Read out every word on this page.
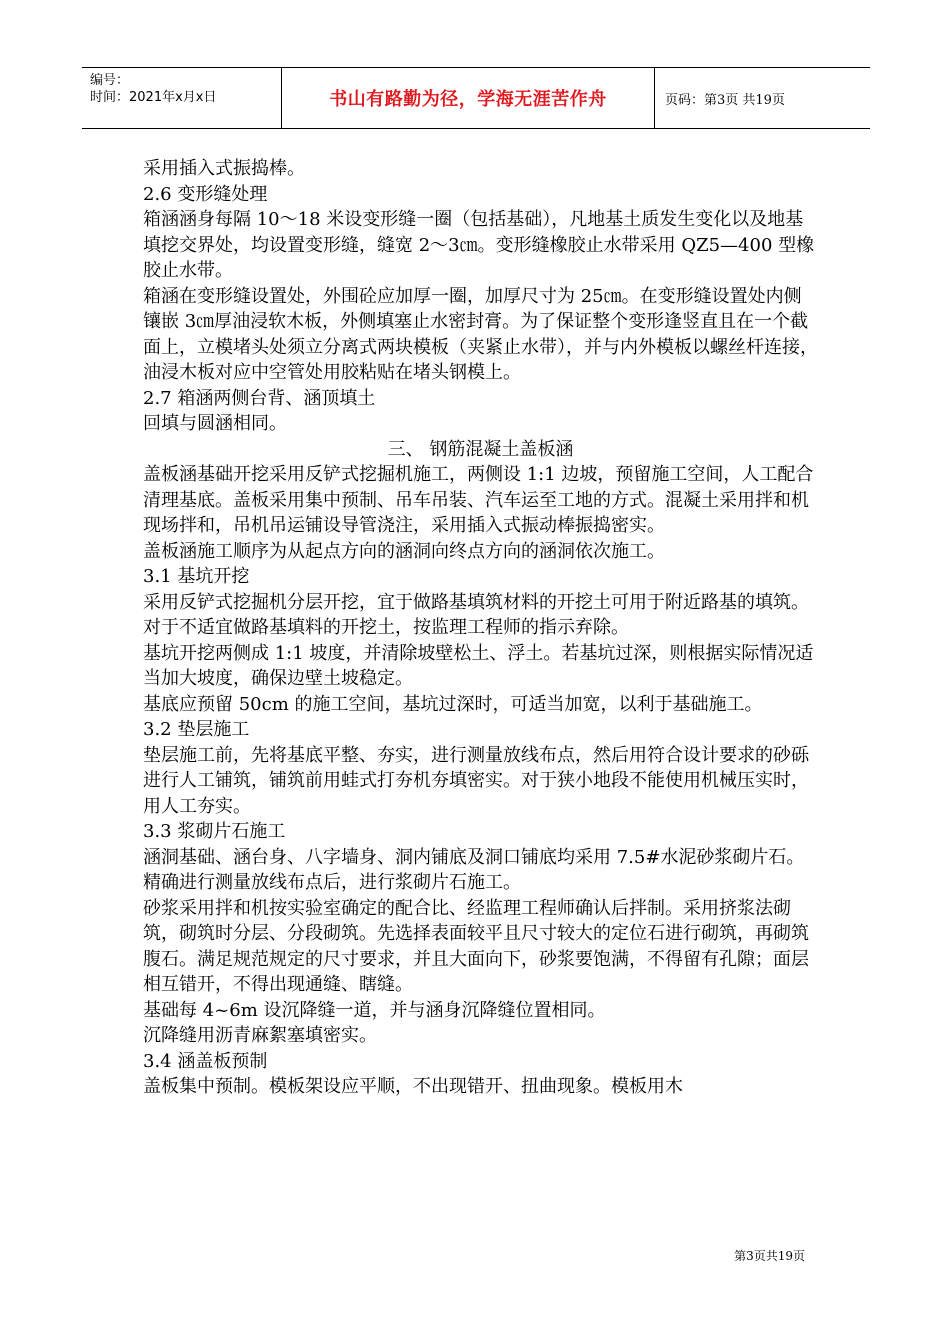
编号：
时间：2021年x月x日	书山有路勤为径，学海无涯苦作舟	页码：第3页 共19页

采用插入式振捣棒。

2.6 变形缝处理

箱涵涵身每隔 10～18 米设变形缝一圈（包括基础），凡地基土质发生变化以及地基填挖交界处，均设置变形缝，缝宽 2～3㎝。变形缝橡胶止水带采用 QZ5—400 型橡胶止水带。

箱涵在变形缝设置处，外围砼应加厚一圈，加厚尺寸为 25㎝。在变形缝设置处内侧镶嵌 3㎝厚油浸软木板，外侧填塞止水密封膏。为了保证整个变形逢竖直且在一个截面上，立模堵头处须立分离式两块模板（夹紧止水带），并与内外模板以螺丝杆连接，油浸木板对应中空管处用胶粘贴在堵头钢模上。

2.7 箱涵两侧台背、涵顶填土

回填与圆涵相同。

三、 钢筋混凝土盖板涵

盖板涵基础开挖采用反铲式挖掘机施工，两侧设 1:1 边坡，预留施工空间，人工配合清理基底。盖板采用集中预制、吊车吊装、汽车运至工地的方式。混凝土采用拌和机现场拌和，吊机吊运铺设导管浇注，采用插入式振动棒振捣密实。

盖板涵施工顺序为从起点方向的涵洞向终点方向的涵洞依次施工。

3.1 基坑开挖

采用反铲式挖掘机分层开挖，宜于做路基填筑材料的开挖土可用于附近路基的填筑。对于不适宜做路基填料的开挖土，按监理工程师的指示弃除。

基坑开挖两侧成 1:1 坡度，并清除坡壁松土、浮土。若基坑过深，则根据实际情况适当加大坡度，确保边壁土坡稳定。

基底应预留 50cm 的施工空间，基坑过深时，可适当加宽，以利于基础施工。

3.2 垫层施工

垫层施工前，先将基底平整、夯实，进行测量放线布点，然后用符合设计要求的砂砾进行人工铺筑，铺筑前用蛙式打夯机夯填密实。对于狭小地段不能使用机械压实时，用人工夯实。

3.3 浆砌片石施工

涵洞基础、涵台身、八字墙身、洞内铺底及洞口铺底均采用 7.5#水泥砂浆砌片石。

精确进行测量放线布点后，进行浆砌片石施工。

砂浆采用拌和机按实验室确定的配合比、经监理工程师确认后拌制。采用挤浆法砌筑，砌筑时分层、分段砌筑。先选择表面较平且尺寸较大的定位石进行砌筑，再砌筑腹石。满足规范规定的尺寸要求，并且大面向下，砂浆要饱满，不得留有孔隙；面层相互错开，不得出现通缝、瞎缝。

基础每 4~6m 设沉降缝一道，并与涵身沉降缝位置相同。

沉降缝用沥青麻絮塞填密实。

3.4 涵盖板预制

盖板集中预制。模板架设应平顺，不出现错开、扭曲现象。模板用木

第3页共19页
